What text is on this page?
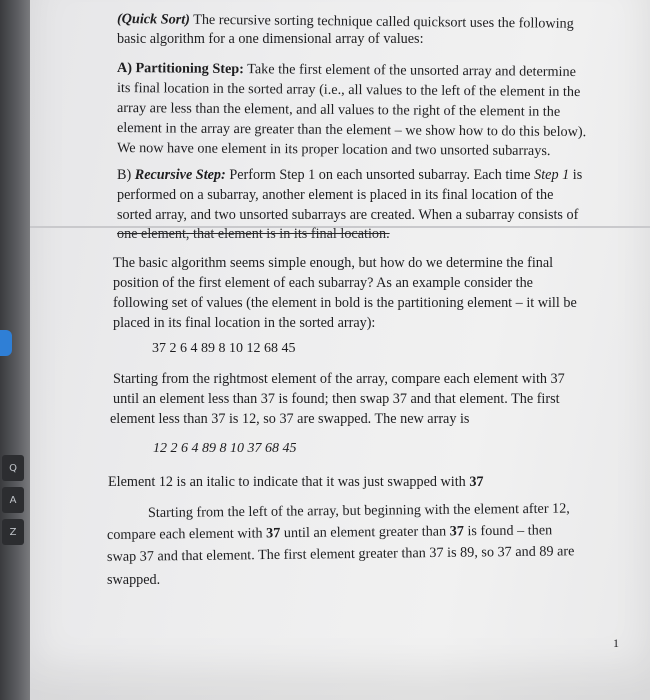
Q
A
Z
(Quick Sort) The recursive sorting technique called quicksort uses the following
basic algorithm for a one dimensional array of values:
A) Partitioning Step: Take the first element of the unsorted array and determine
its final location in the sorted array (i.e., all values to the left of the element in the
array are less than the element, and all values to the right of the element in the
element in the array are greater than the element – we show how to do this below).
We now have one element in its proper location and two unsorted subarrays.
B) Recursive Step: Perform Step 1 on each unsorted subarray. Each time Step 1 is
performed on a subarray, another element is placed in its final location of the
sorted array, and two unsorted subarrays are created. When a subarray consists of
one element, that element is in its final location.
The basic algorithm seems simple enough, but how do we determine the final
position of the first element of each subarray? As an example consider the
following set of values (the element in bold is the partitioning element – it will be
placed in its final location in the sorted array):
37 2 6 4 89 8 10 12 68 45
Starting from the rightmost element of the array, compare each element with 37
until an element less than 37 is found; then swap 37 and that element. The first
element less than 37 is 12, so 37 are swapped. The new array is
12 2 6 4 89 8 10 37 68 45
Element 12 is an italic to indicate that it was just swapped with 37
Starting from the left of the array, but beginning with the element after 12,
compare each element with 37 until an element greater than 37 is found – then
swap 37 and that element. The first element greater than 37 is 89, so 37 and 89 are
swapped.
1
